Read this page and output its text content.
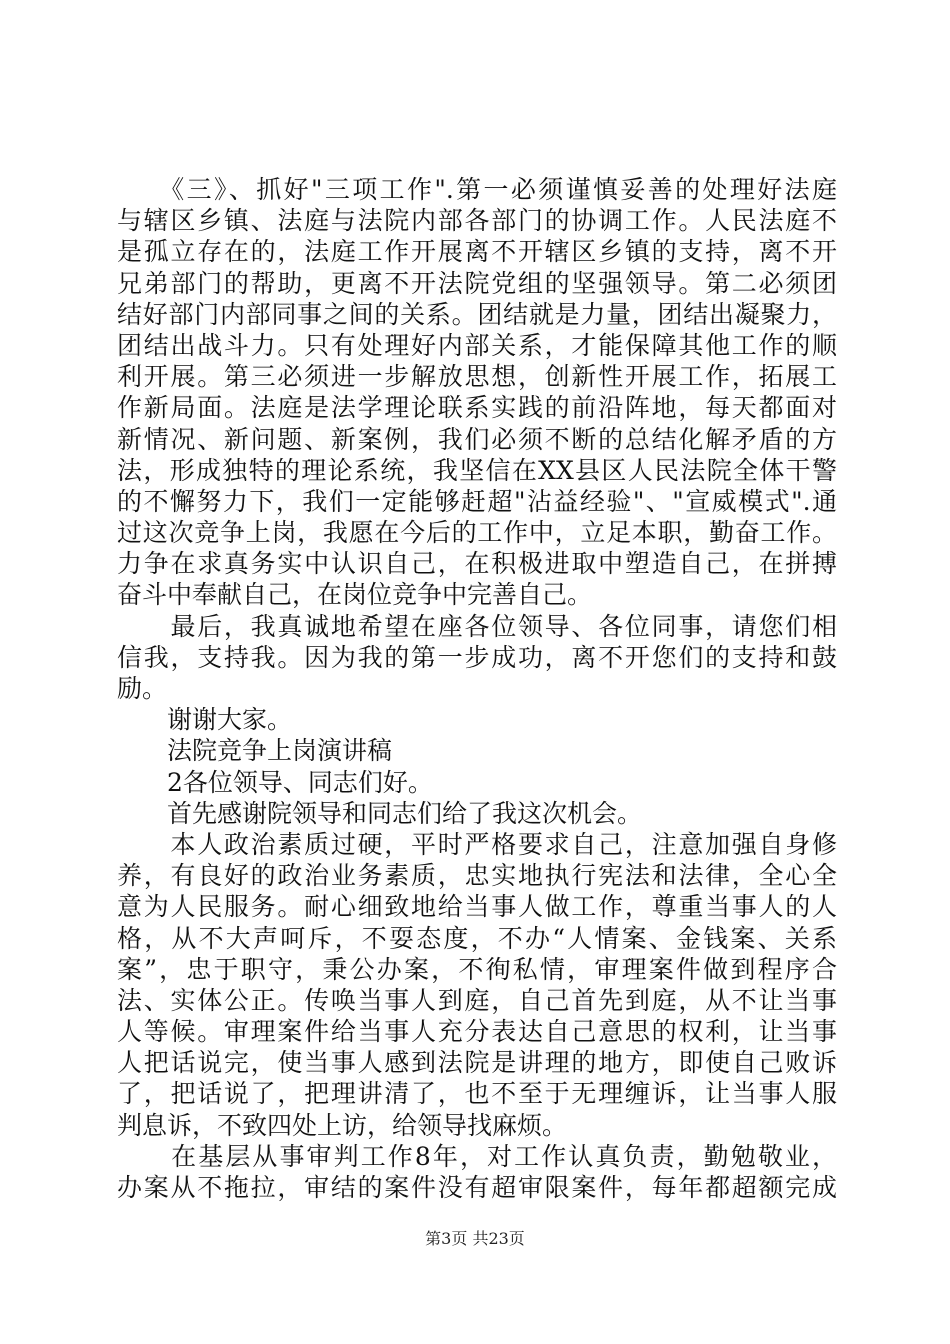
　　《三》、抓好"三项工作".第一必须谨慎妥善的处理好法庭
与辖区乡镇、法庭与法院内部各部门的协调工作。人民法庭不
是孤立存在的，法庭工作开展离不开辖区乡镇的支持，离不开
兄弟部门的帮助，更离不开法院党组的坚强领导。第二必须团
结好部门内部同事之间的关系。团结就是力量，团结出凝聚力，
团结出战斗力。只有处理好内部关系，才能保障其他工作的顺
利开展。第三必须进一步解放思想，创新性开展工作，拓展工
作新局面。法庭是法学理论联系实践的前沿阵地，每天都面对
新情况、新问题、新案例，我们必须不断的总结化解矛盾的方
法，形成独特的理论系统，我坚信在XX县区人民法院全体干警
的不懈努力下，我们一定能够赶超"沾益经验"、"宣威模式".通
过这次竞争上岗，我愿在今后的工作中，立足本职，勤奋工作。
力争在求真务实中认识自己，在积极进取中塑造自己，在拼搏
奋斗中奉献自己，在岗位竞争中完善自己。
　　最后，我真诚地希望在座各位领导、各位同事，请您们相
信我，支持我。因为我的第一步成功，离不开您们的支持和鼓
励。
　　谢谢大家。
　　法院竞争上岗演讲稿
　　2各位领导、同志们好。
　　首先感谢院领导和同志们给了我这次机会。
　　本人政治素质过硬，平时严格要求自己，注意加强自身修
养，有良好的政治业务素质，忠实地执行宪法和法律，全心全
意为人民服务。耐心细致地给当事人做工作，尊重当事人的人
格，从不大声呵斥，不耍态度，不办“人情案、金钱案、关系
案”，忠于职守，秉公办案，不徇私情，审理案件做到程序合
法、实体公正。传唤当事人到庭，自己首先到庭，从不让当事
人等候。审理案件给当事人充分表达自己意思的权利，让当事
人把话说完，使当事人感到法院是讲理的地方，即使自己败诉
了，把话说了，把理讲清了，也不至于无理缠诉，让当事人服
判息诉，不致四处上访，给领导找麻烦。
　　在基层从事审判工作8年，对工作认真负责，勤勉敬业，
办案从不拖拉，审结的案件没有超审限案件，每年都超额完成
第3页 共23页
